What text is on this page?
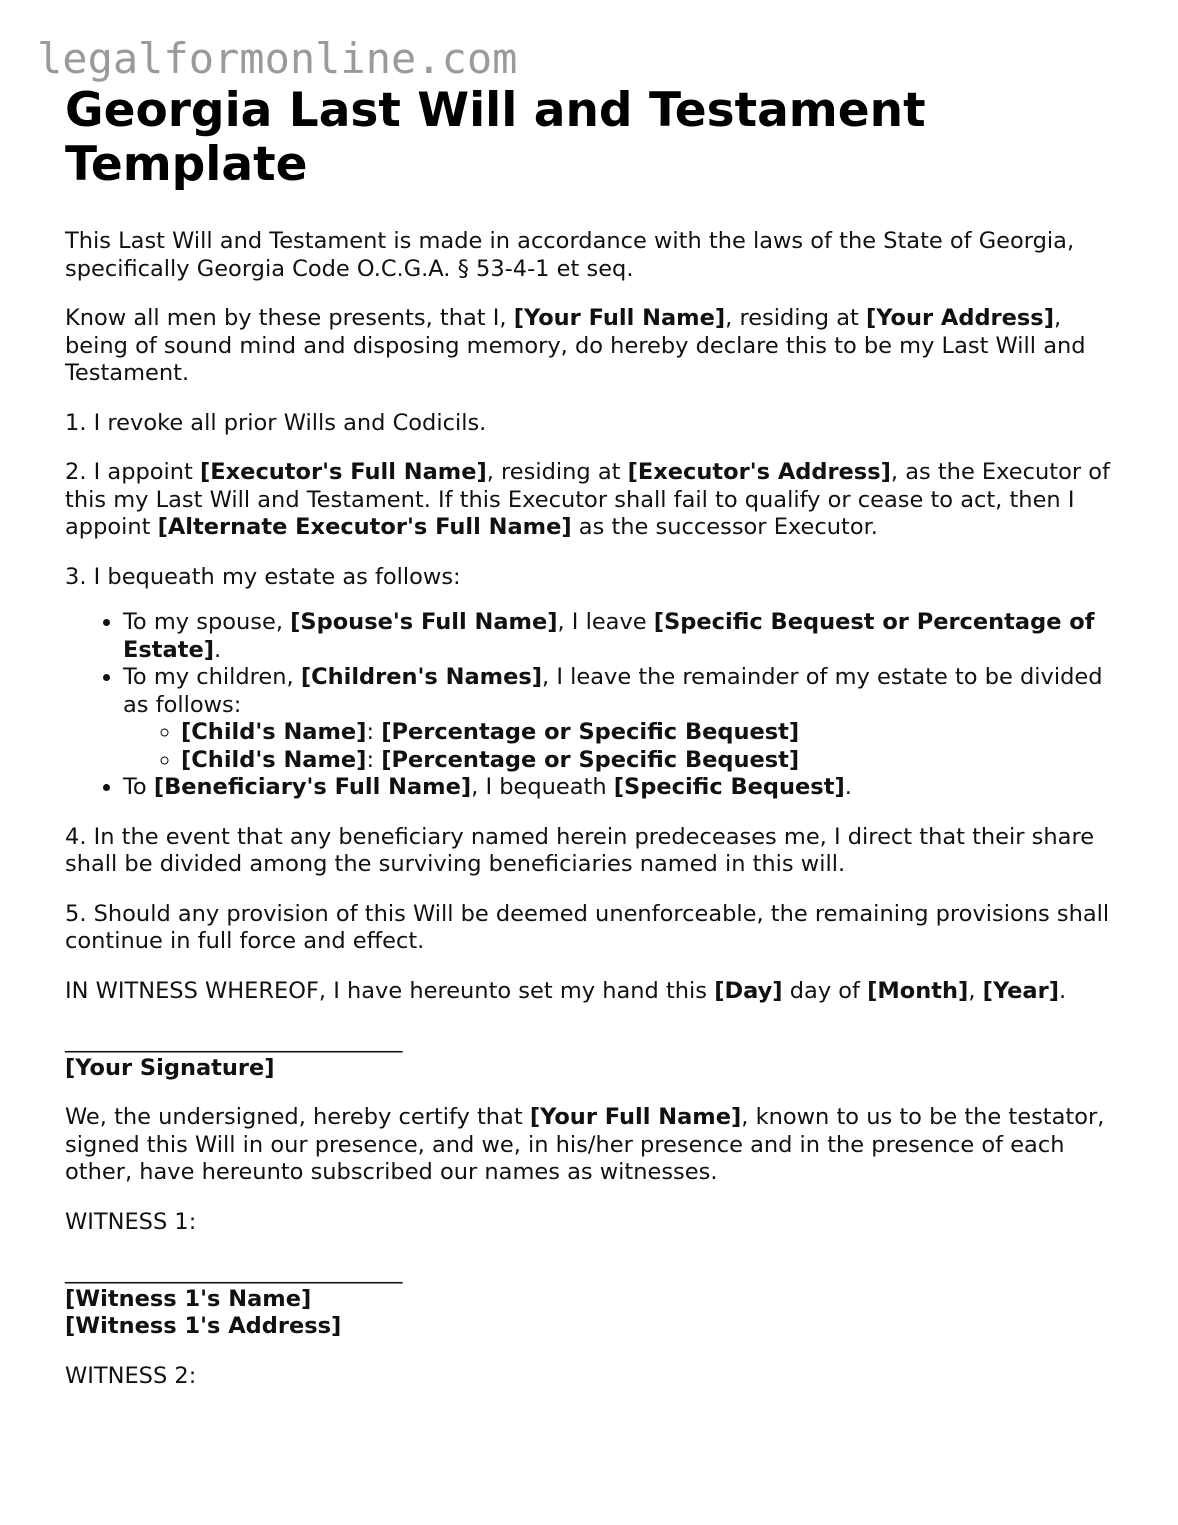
legalformonline.com
Georgia Last Will and Testament Template

This Last Will and Testament is made in accordance with the laws of the State of Georgia, specifically Georgia Code O.C.G.A. § 53-4-1 et seq.

Know all men by these presents, that I, [Your Full Name], residing at [Your Address], being of sound mind and disposing memory, do hereby declare this to be my Last Will and Testament.

1. I revoke all prior Wills and Codicils.

2. I appoint [Executor's Full Name], residing at [Executor's Address], as the Executor of this my Last Will and Testament. If this Executor shall fail to qualify or cease to act, then I appoint [Alternate Executor's Full Name] as the successor Executor.

3. I bequeath my estate as follows:

• To my spouse, [Spouse's Full Name], I leave [Specific Bequest or Percentage of Estate].
• To my children, [Children's Names], I leave the remainder of my estate to be divided as follows:
◦ [Child's Name]: [Percentage or Specific Bequest]
◦ [Child's Name]: [Percentage or Specific Bequest]
• To [Beneficiary's Full Name], I bequeath [Specific Bequest].

4. In the event that any beneficiary named herein predeceases me, I direct that their share shall be divided among the surviving beneficiaries named in this will.

5. Should any provision of this Will be deemed unenforceable, the remaining provisions shall continue in full force and effect.

IN WITNESS WHEREOF, I have hereunto set my hand this [Day] day of [Month], [Year].

______________________________
[Your Signature]

We, the undersigned, hereby certify that [Your Full Name], known to us to be the testator, signed this Will in our presence, and we, in his/her presence and in the presence of each other, have hereunto subscribed our names as witnesses.

WITNESS 1:

______________________________
[Witness 1's Name]
[Witness 1's Address]

WITNESS 2:
